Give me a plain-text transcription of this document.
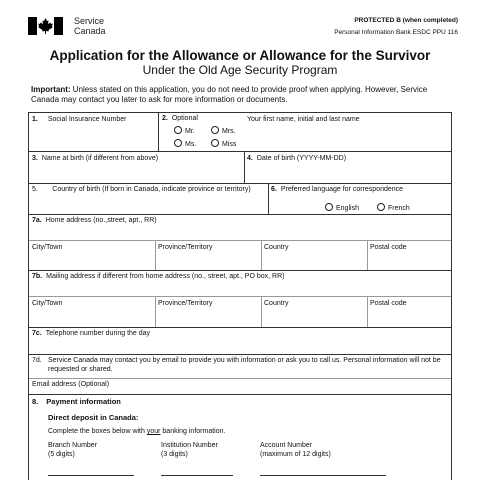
Service
Canada
PROTECTED B (when completed)
Personal Information Bank ESDC PPU 116
Application for the Allowance or Allowance for the Survivor
Under the Old Age Security Program
Important: Unless stated on this application, you do not need to provide proof when applying. However, Service Canada may contact you later to ask for more information or documents.
1. Social Insurance Number	2. Optional
Mr.	Mrs.
Ms.	Miss
Your first name, initial and last name
3. Name at birth (if different from above)	4. Date of birth (YYYY-MM-DD)
5.	Country of birth (If born in Canada, indicate province or territory)	6. Preferred language for correspondence
English	French
7a. Home address (no.,street, apt., RR)
City/Town	Province/Territory	Country	Postal code
7b. Mailing address if different from home address (no., street, apt., PO box, RR)
City/Town	Province/Territory	Country	Postal code
7c. Telephone number during the day
7d. Service Canada may contact you by email to provide you with information or ask you to call us. Personal information will not be requested or shared.
Email address (Optional)
8. Payment information
Direct deposit in Canada:
Complete the boxes below with your banking information.
Branch Number
(5 digits)
Institution Number
(3 digits)
Account Number
(maximum of 12 digits)
